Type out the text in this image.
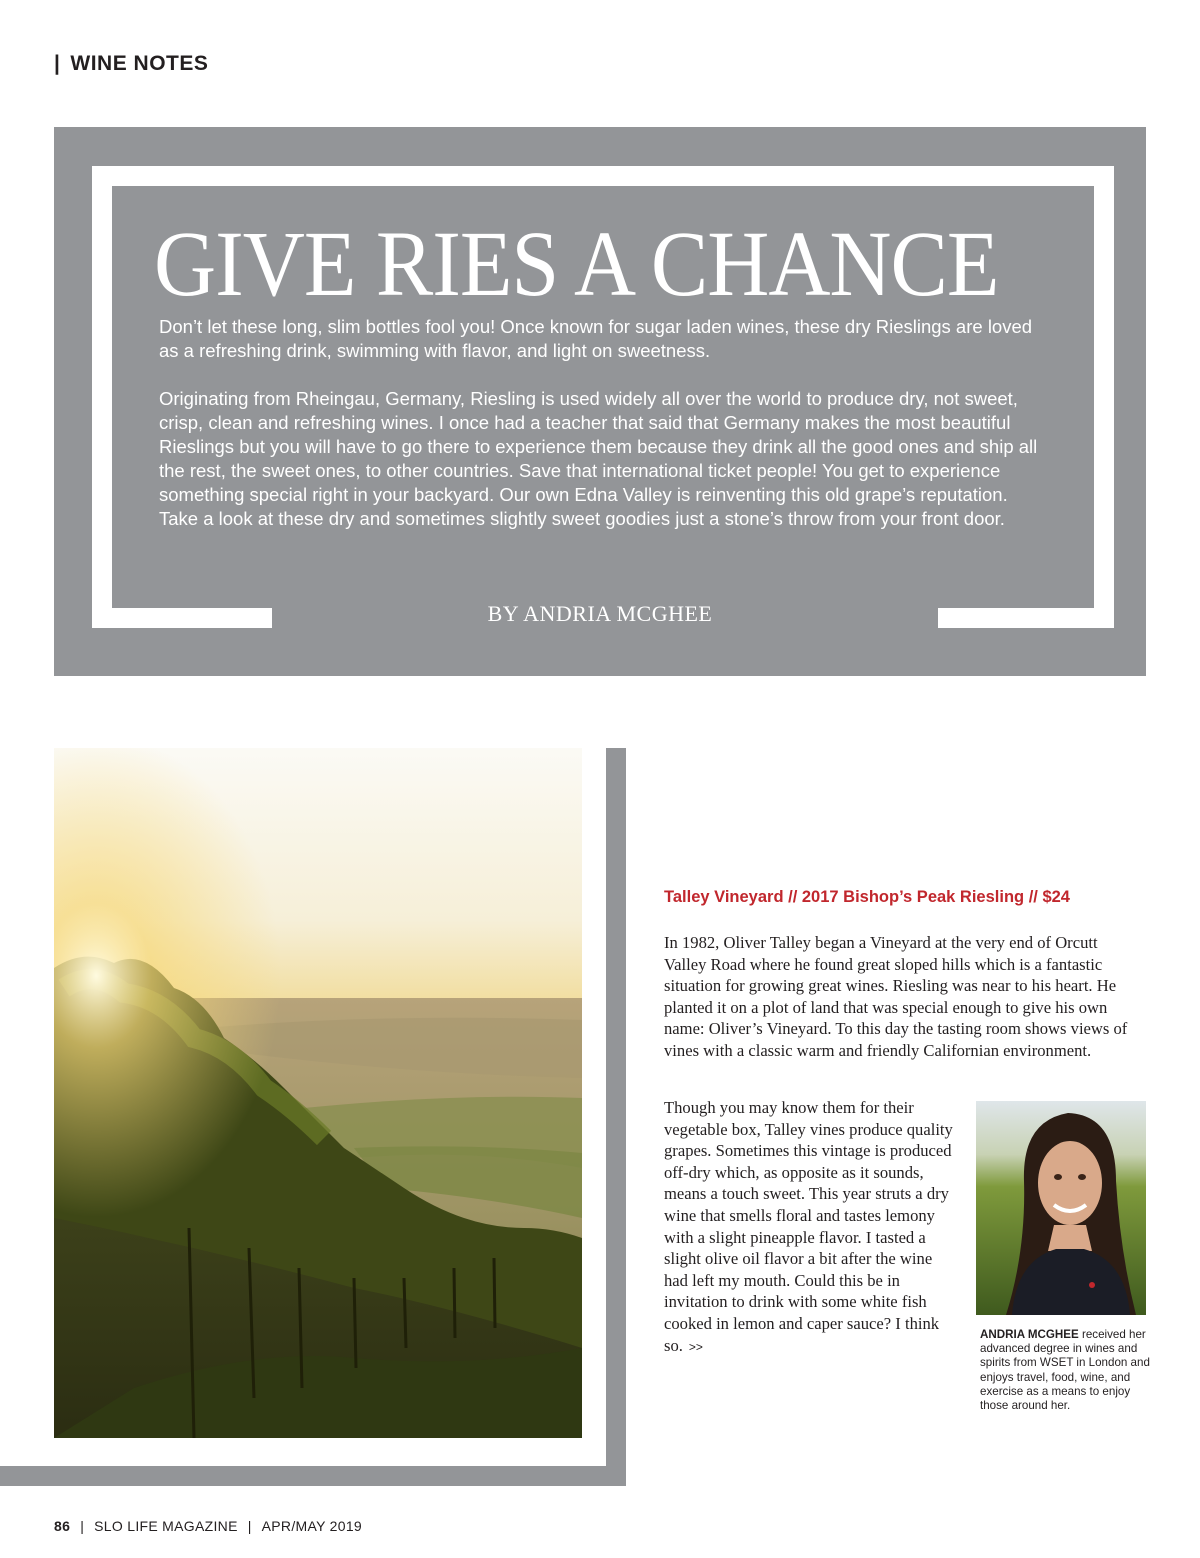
| WINE NOTES
GIVE RIES A CHANCE

Don’t let these long, slim bottles fool you! Once known for sugar laden wines, these dry Rieslings are loved as a refreshing drink, swimming with flavor, and light on sweetness.

Originating from Rheingau, Germany, Riesling is used widely all over the world to produce dry, not sweet, crisp, clean and refreshing wines. I once had a teacher that said that Germany makes the most beautiful Rieslings but you will have to go there to experience them because they drink all the good ones and ship all the rest, the sweet ones, to other countries. Save that international ticket people! You get to experience something special right in your backyard. Our own Edna Valley is reinventing this old grape’s reputation. Take a look at these dry and sometimes slightly sweet goodies just a stone’s throw from your front door.

BY ANDRIA MCGHEE
Talley Vineyard // 2017 Bishop’s Peak Riesling // $24

In 1982, Oliver Talley began a Vineyard at the very end of Orcutt Valley Road where he found great sloped hills which is a fantastic situation for growing great wines. Riesling was near to his heart. He planted it on a plot of land that was special enough to give his own name: Oliver’s Vineyard. To this day the tasting room shows views of vines with a classic warm and friendly Californian environment.

Though you may know them for their vegetable box, Talley vines produce quality grapes. Sometimes this vintage is produced off-dry which, as opposite as it sounds, means a touch sweet. This year struts a dry wine that smells floral and tastes lemony with a slight pineapple flavor. I tasted a slight olive oil flavor a bit after the wine had left my mouth. Could this be in invitation to drink with some white fish cooked in lemon and caper sauce? I think so. >>

ANDRIA MCGHEE received her advanced degree in wines and spirits from WSET in London and enjoys travel, food, wine, and exercise as a means to enjoy those around her.

86 | SLO LIFE MAGAZINE | APR/MAY 2019
